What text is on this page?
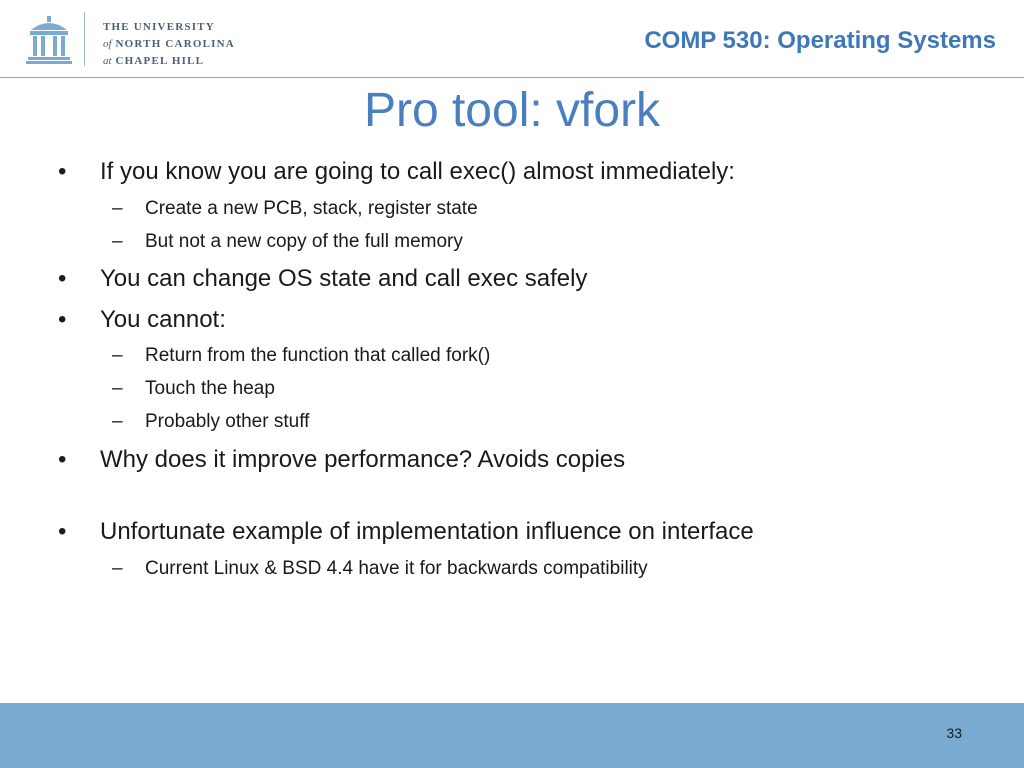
THE UNIVERSITY
of NORTH CAROLINA
at CHAPEL HILL
COMP 530: Operating Systems
Pro tool: vfork
• If you know you are going to call exec() almost immediately:
– Create a new PCB, stack, register state
– But not a new copy of the full memory
• You can change OS state and call exec safely
• You cannot:
– Return from the function that called fork()
– Touch the heap
– Probably other stuff
• Why does it improve performance? Avoids copies
• Unfortunate example of implementation influence on interface
– Current Linux & BSD 4.4 have it for backwards compatibility
33
